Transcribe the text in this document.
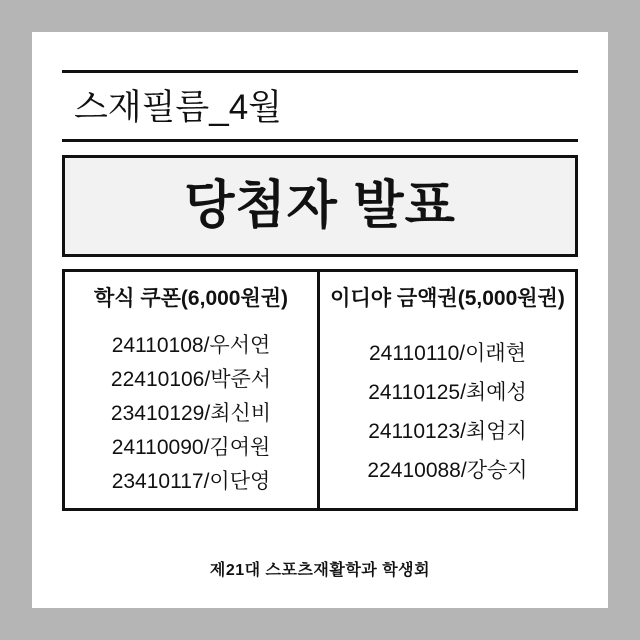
스재필름_4월
당첨자 발표
학식 쿠폰(6,000원권)
24110108/우서연
22410106/박준서
23410129/최신비
24110090/김여원
23410117/이단영
이디야 금액권(5,000원권)
24110110/이래현
24110125/최예성
24110123/최엄지
22410088/강승지
제21대 스포츠재활학과 학생회
